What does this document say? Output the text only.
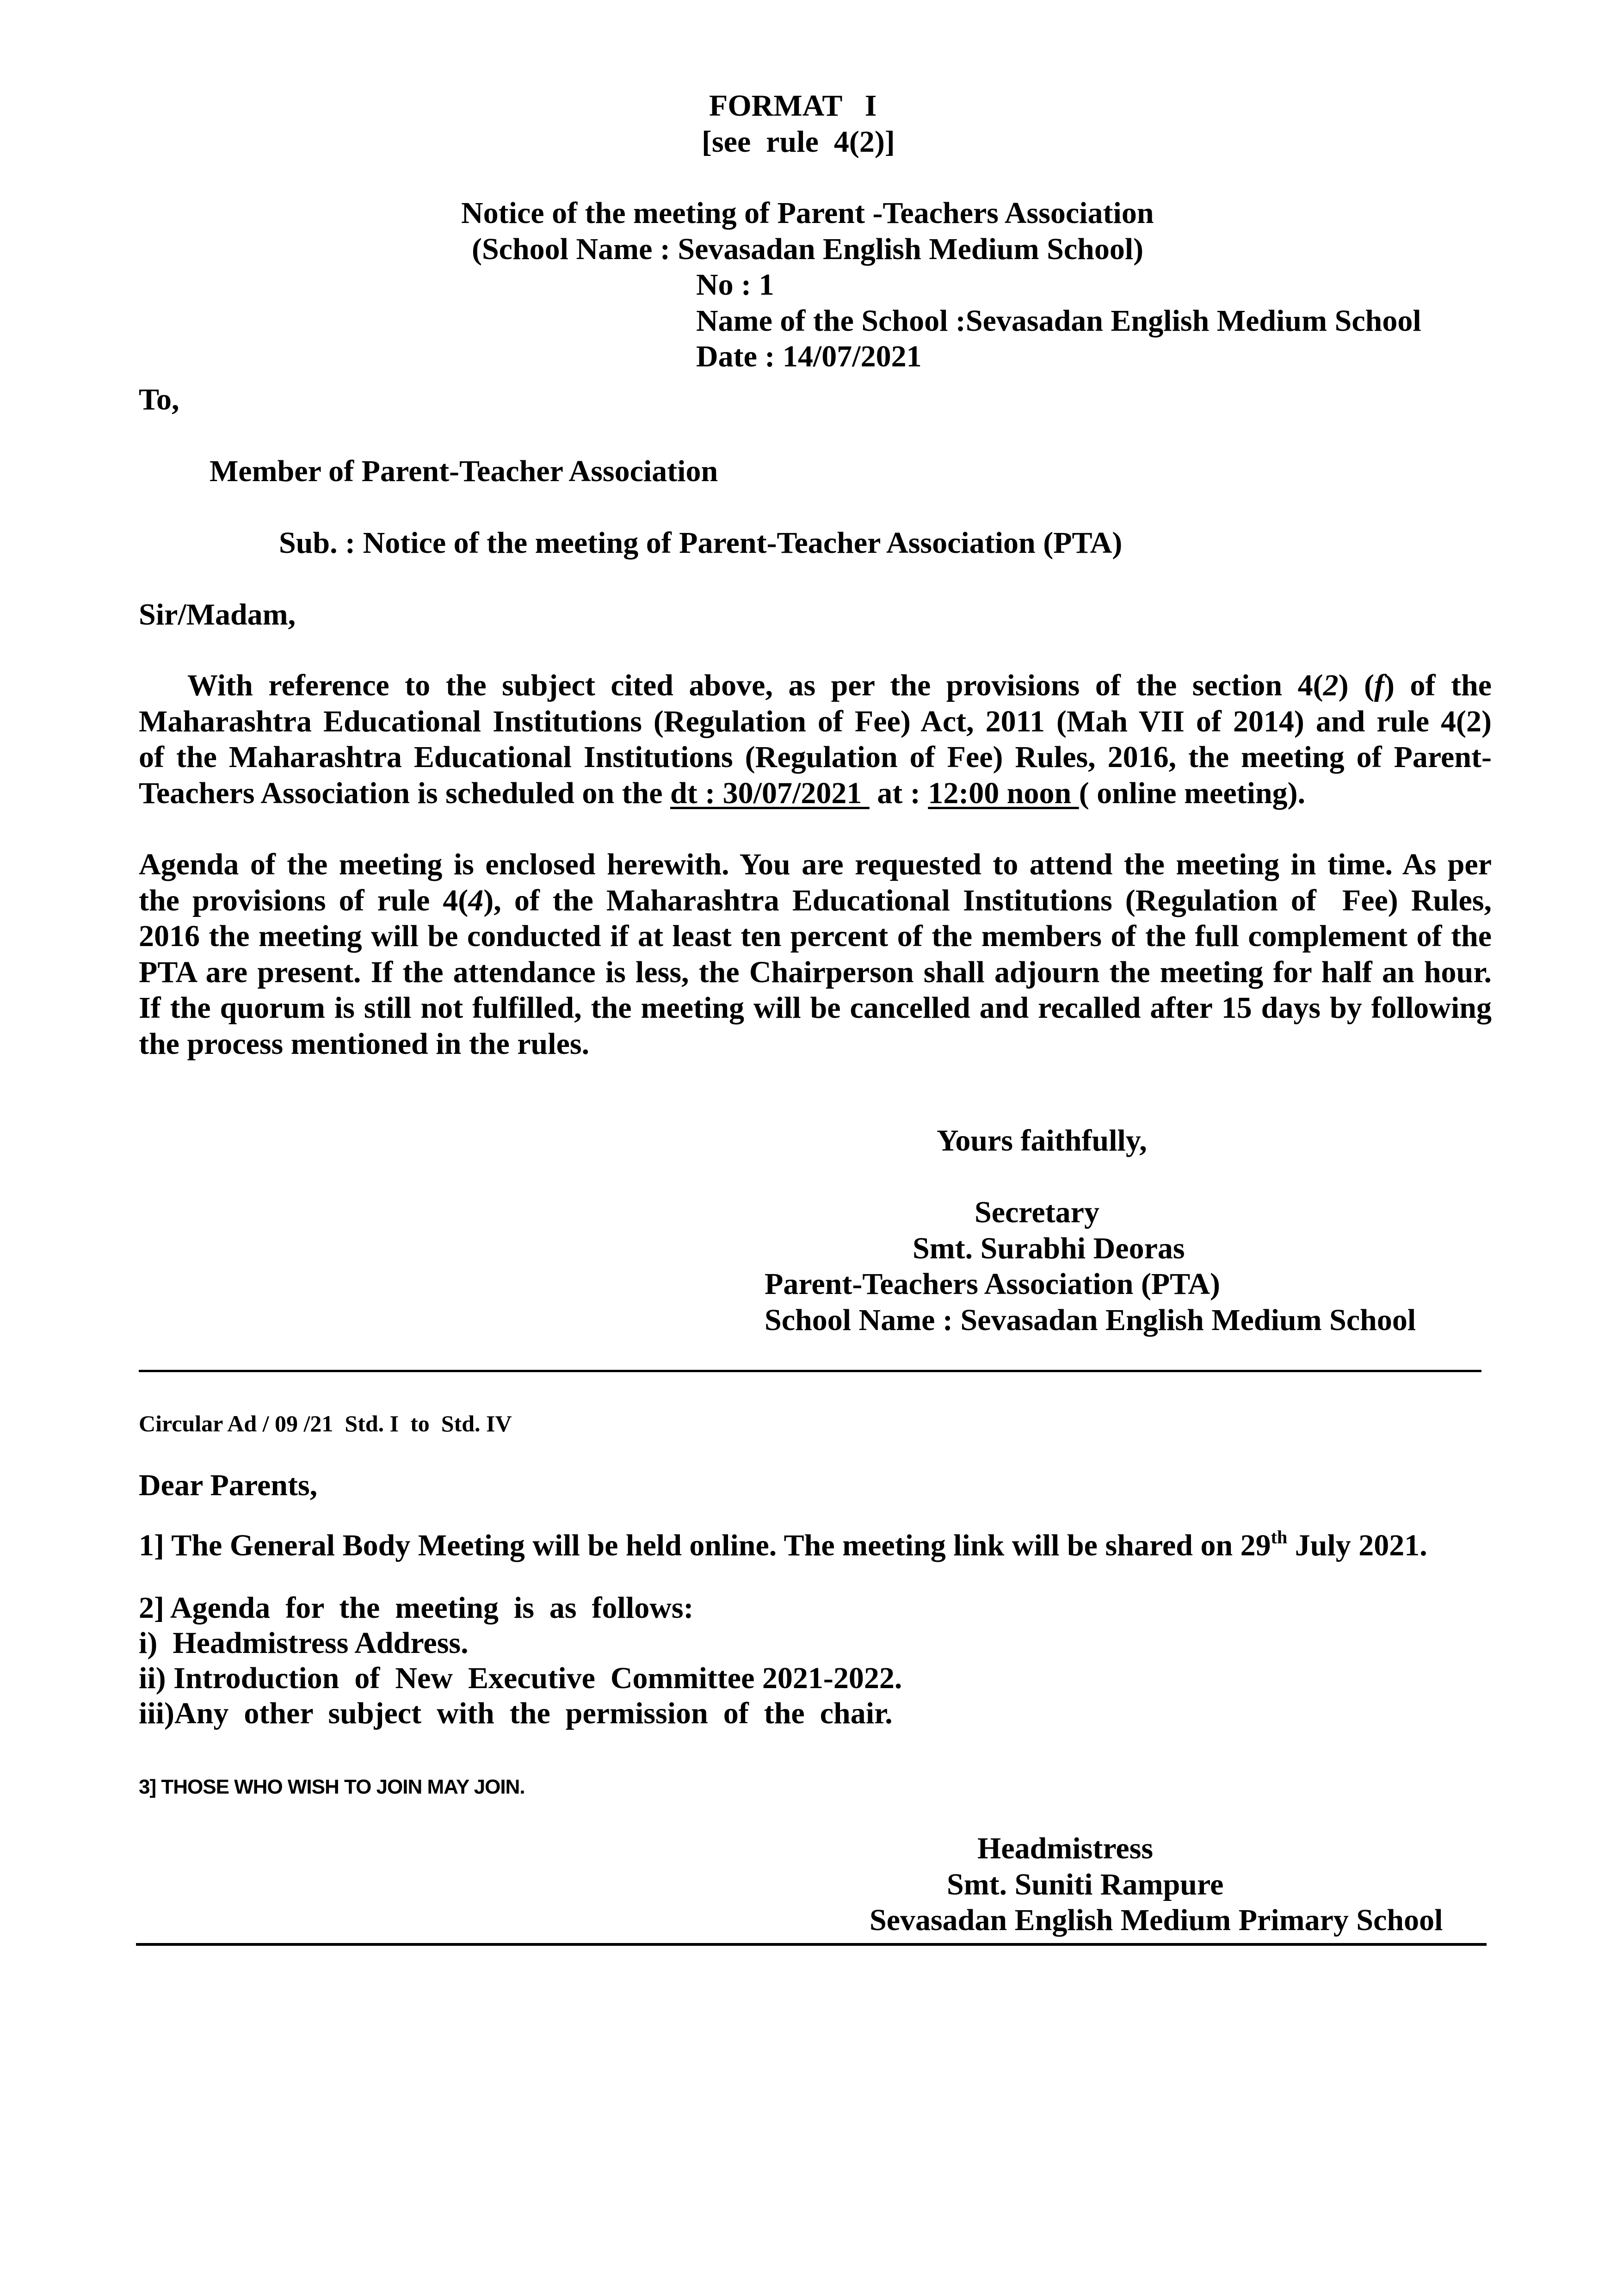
FORMAT   I
[see  rule  4(2)]
Notice of the meeting of Parent -Teachers Association
(School Name : Sevasadan English Medium School)
No : 1
Name of the School :Sevasadan English Medium School
Date : 14/07/2021
To,
Member of Parent-Teacher Association
Sub. : Notice of the meeting of Parent-Teacher Association (PTA)
Sir/Madam,
With reference to the subject cited above, as per the provisions of the section 4(2) (f) of the
Maharashtra Educational Institutions (Regulation of Fee) Act, 2011 (Mah VII of 2014) and rule 4(2)
of the Maharashtra Educational Institutions (Regulation of Fee) Rules, 2016, the meeting of Parent-
Teachers Association is scheduled on the dt : 30/07/2021  at : 12:00 noon ( online meeting).
Agenda of the meeting is enclosed herewith. You are requested to attend the meeting in time. As per
the provisions of rule 4(4), of the Maharashtra Educational Institutions (Regulation of  Fee) Rules,
2016 the meeting will be conducted if at least ten percent of the members of the full complement of the
PTA are present. If the attendance is less, the Chairperson shall adjourn the meeting for half an hour.
If the quorum is still not fulfilled, the meeting will be cancelled and recalled after 15 days by following
the process mentioned in the rules.
Yours faithfully,
Secretary
Smt. Surabhi Deoras
Parent-Teachers Association (PTA)
School Name : Sevasadan English Medium School
Circular Ad / 09 /21  Std. I  to  Std. IV
Dear Parents,
1] The General Body Meeting will be held online. The meeting link will be shared on 29th July 2021.
2] Agenda  for  the  meeting  is  as  follows:
i)  Headmistress Address.
ii) Introduction  of  New  Executive  Committee 2021-2022.
iii)Any  other  subject  with  the  permission  of  the  chair.
3] THOSE WHO WISH TO JOIN MAY JOIN.
Headmistress
Smt. Suniti Rampure
Sevasadan English Medium Primary School
